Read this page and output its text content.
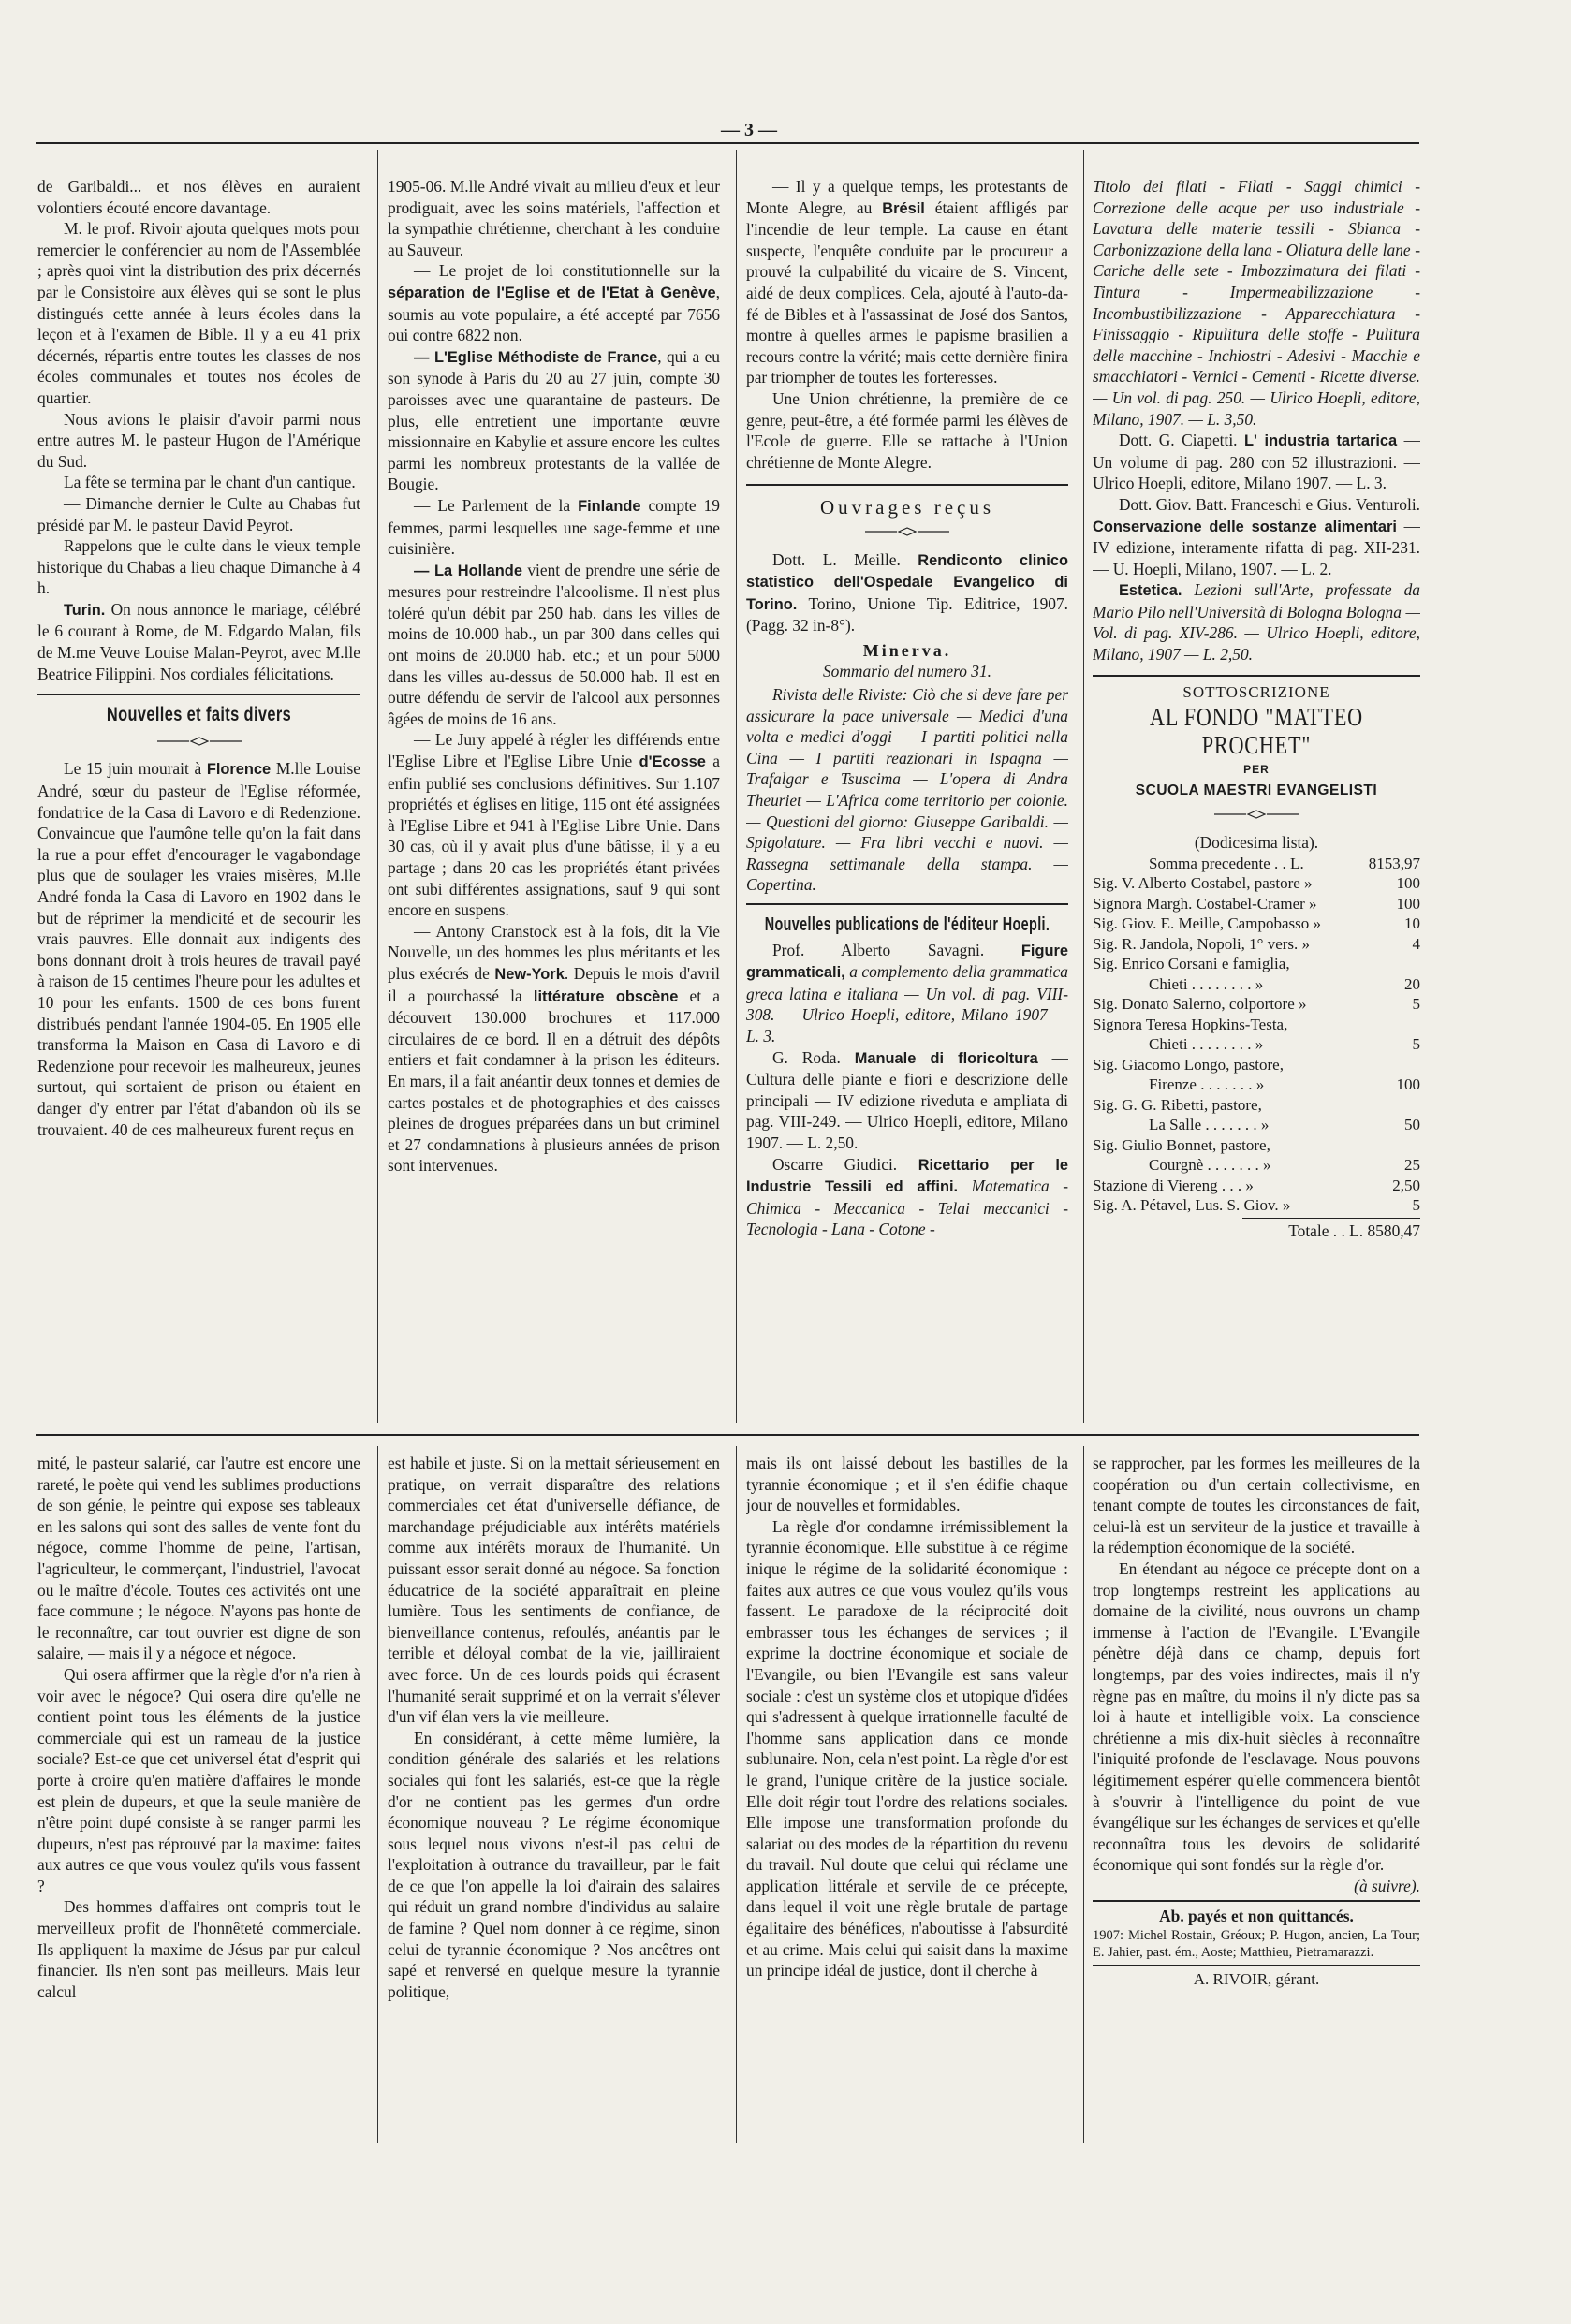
— 3 —

de Garibaldi... et nos élèves en auraient volontiers écouté encore davantage.

M. le prof. Rivoir ajouta quelques mots pour remercier le conférencier au nom de l'Assemblée ; après quoi vint la distribution des prix décernés par le Consistoire aux élèves qui se sont le plus distingués cette année à leurs écoles dans la leçon et à l'examen de Bible. Il y a eu 41 prix décernés, répartis entre toutes les classes de nos écoles communales et toutes nos écoles de quartier.

Nous avions le plaisir d'avoir parmi nous entre autres M. le pasteur Hugon de l'Amérique du Sud.

La fête se termina par le chant d'un cantique.

— Dimanche dernier le Culte au Chabas fut présidé par M. le pasteur David Peyrot.

Rappelons que le culte dans le vieux temple historique du Chabas a lieu chaque Dimanche à 4 h.

Turin. On nous annonce le mariage, célébré le 6 courant à Rome, de M. Edgardo Malan, fils de M.me Veuve Louise Malan-Peyrot, avec M.lle Beatrice Filippini. Nos cordiales félicitations.

Nouvelles et faits divers

Le 15 juin mourait à Florence M.lle Louise André, sœur du pasteur de l'Eglise réformée, fondatrice de la Casa di Lavoro e di Redenzione. Convaincue que l'aumône telle qu'on la fait dans la rue a pour effet d'encourager le vagabondage plus que de soulager les vraies misères, M.lle André fonda la Casa di Lavoro en 1902 dans le but de réprimer la mendicité et de secourir les vrais pauvres. Elle donnait aux indigents des bons donnant droit à trois heures de travail payé à raison de 15 centimes l'heure pour les adultes et 10 pour les enfants. 1500 de ces bons furent distribués pendant l'année 1904-05. En 1905 elle transforma la Maison en Casa di Lavoro e di Redenzione pour recevoir les malheureux, jeunes surtout, qui sortaient de prison ou étaient en danger d'y entrer par l'état d'abandon où ils se trouvaient. 40 de ces malheureux furent reçus en

1905-06. M.lle André vivait au milieu d'eux et leur prodiguait, avec les soins matériels, l'affection et la sympathie chrétienne, cherchant à les conduire au Sauveur.

— Le projet de loi constitutionnelle sur la séparation de l'Eglise et de l'Etat à Genève, soumis au vote populaire, a été accepté par 7656 oui contre 6822 non.

— L'Eglise Méthodiste de France, qui a eu son synode à Paris du 20 au 27 juin, compte 30 paroisses avec une quarantaine de pasteurs. De plus, elle entretient une importante œuvre missionnaire en Kabylie et assure encore les cultes parmi les nombreux protestants de la vallée de Bougie.

— Le Parlement de la Finlande compte 19 femmes, parmi lesquelles une sage-femme et une cuisinière.

— La Hollande vient de prendre une série de mesures pour restreindre l'alcoolisme. Il n'est plus toléré qu'un débit par 250 hab. dans les villes de moins de 10.000 hab., un par 300 dans celles qui ont moins de 20.000 hab. etc.; et un pour 5000 dans les villes au-dessus de 50.000 hab. Il est en outre défendu de servir de l'alcool aux personnes âgées de moins de 16 ans.

— Le Jury appelé à régler les différends entre l'Eglise Libre et l'Eglise Libre Unie d'Ecosse a enfin publié ses conclusions définitives. Sur 1.107 propriétés et églises en litige, 115 ont été assignées à l'Eglise Libre et 941 à l'Eglise Libre Unie. Dans 30 cas, où il y avait plus d'une bâtisse, il y a eu partage ; dans 20 cas les propriétés étant privées ont subi différentes assignations, sauf 9 qui sont encore en suspens.

— Antony Cranstock est à la fois, dit la Vie Nouvelle, un des hommes les plus méritants et les plus exécrés de New-York. Depuis le mois d'avril il a pourchassé la littérature obscène et a découvert 130.000 brochures et 117.000 circulaires de ce bord. Il en a détruit des dépôts entiers et fait condamner à la prison les éditeurs. En mars, il a fait anéantir deux tonnes et demies de cartes postales et de photographies et des caisses pleines de drogues préparées dans un but criminel et 27 condamnations à plusieurs années de prison sont intervenues.

— Il y a quelque temps, les protestants de Monte Alegre, au Brésil étaient affligés par l'incendie de leur temple. La cause en étant suspecte, l'enquête conduite par le procureur a prouvé la culpabilité du vicaire de S. Vincent, aidé de deux complices. Cela, ajouté à l'auto-da-fé de Bibles et à l'assassinat de José dos Santos, montre à quelles armes le papisme brasilien a recours contre la vérité; mais cette dernière finira par triompher de toutes les forteresses.

Une Union chrétienne, la première de ce genre, peut-être, a été formée parmi les élèves de l'Ecole de guerre. Elle se rattache à l'Union chrétienne de Monte Alegre.

Ouvrages reçus

Dott. L. Meille. Rendiconto clinico statistico dell'Ospedale Evangelico di Torino. Torino, Unione Tip. Editrice, 1907. (Pagg. 32 in-8°).

Minerva.
Sommario del numero 31.

Rivista delle Riviste: Ciò che si deve fare per assicurare la pace universale — Medici d'una volta e medici d'oggi — I partiti politici nella Cina — I partiti reazionari in Ispagna — Trafalgar e Tsuscima — L'opera di Andra Theuriet — L'Africa come territorio per colonie. — Questioni del giorno: Giuseppe Garibaldi. — Spigolature. — Fra libri vecchi e nuovi. — Rassegna settimanale della stampa. — Copertina.

Nouvelles publications de l'éditeur Hoepli.

Prof. Alberto Savagni. Figure grammaticali, a complemento della grammatica greca latina e italiana — Un vol. di pag. VIII-308. — Ulrico Hoepli, editore, Milano 1907 — L. 3.

G. Roda. Manuale di floricoltura — Cultura delle piante e fiori e descrizione delle principali — IV edizione riveduta e ampliata di pag. VIII-249. — Ulrico Hoepli, editore, Milano 1907. — L. 2,50.

Oscarre Giudici. Ricettario per le Industrie Tessili ed affini. Matematica - Chimica - Meccanica - Telai meccanici - Tecnologia - Lana - Cotone -

Titolo dei filati - Filati - Saggi chimici - Correzione delle acque per uso industriale - Lavatura delle materie tessili - Sbianca - Carbonizzazione della lana - Oliatura delle lane - Cariche delle sete - Imbozzimatura dei filati - Tintura - Impermeabilizzazione - Incombustibilizzazione - Apparecchiatura - Finissaggio - Ripulitura delle stoffe - Pulitura delle macchine - Inchiostri - Adesivi - Macchie e smacchiatori - Vernici - Cementi - Ricette diverse. — Un vol. di pag. 250. — Ulrico Hoepli, editore, Milano, 1907. — L. 3,50.

Dott. G. Ciapetti. L' industria tartarica — Un volume di pag. 280 con 52 illustrazioni. — Ulrico Hoepli, editore, Milano 1907. — L. 3.

Dott. Giov. Batt. Franceschi e Gius. Venturoli. Conservazione delle sostanze alimentari — IV edizione, interamente rifatta di pag. XII-231. — U. Hoepli, Milano, 1907. — L. 2.

Estetica. Lezioni sull'Arte, professate da Mario Pilo nell'Università di Bologna Bologna — Vol. di pag. XIV-286. — Ulrico Hoepli, editore, Milano, 1907 — L. 2,50.

SOTTOSCRIZIONE
AL FONDO "MATTEO PROCHET"
PER
SCUOLA MAESTRI EVANGELISTI
(Dodicesima lista).
Somma precedente . . L.	8153,97
Sig. V. Alberto Costabel, pastore »	100
Signora Margh. Costabel-Cramer »	100
Sig. Giov. E. Meille, Campobasso »	10
Sig. R. Jandola, Nopoli, 1° vers. »	4
Sig. Enrico Corsani e famiglia,	
Chieti . . . . . . . . »	20
Sig. Donato Salerno, colportore »	5
Signora Teresa Hopkins-Testa,	
Chieti . . . . . . . . »	5
Sig. Giacomo Longo, pastore,	
Firenze . . . . . . . »	100
Sig. G. G. Ribetti, pastore,	
La Salle . . . . . . . »	50
Sig. Giulio Bonnet, pastore,	
Courgnè . . . . . . . »	25
Stazione di Viereng . . . »	2,50
Sig. A. Pétavel, Lus. S. Giov. »	5
Totale . . L. 8580,47

mité, le pasteur salarié, car l'autre est encore une rareté, le poète qui vend les sublimes productions de son génie, le peintre qui expose ses tableaux en les salons qui sont des salles de vente font du négoce, comme l'homme de peine, l'artisan, l'agriculteur, le commerçant, l'industriel, l'avocat ou le maître d'école. Toutes ces activités ont une face commune ; le négoce. N'ayons pas honte de le reconnaître, car tout ouvrier est digne de son salaire, — mais il y a négoce et négoce.

Qui osera affirmer que la règle d'or n'a rien à voir avec le négoce? Qui osera dire qu'elle ne contient point tous les éléments de la justice commerciale qui est un rameau de la justice sociale? Est-ce que cet universel état d'esprit qui porte à croire qu'en matière d'affaires le monde est plein de dupeurs, et que la seule manière de n'être point dupé consiste à se ranger parmi les dupeurs, n'est pas réprouvé par la maxime: faites aux autres ce que vous voulez qu'ils vous fassent ?

Des hommes d'affaires ont compris tout le merveilleux profit de l'honnêteté commerciale. Ils appliquent la maxime de Jésus par pur calcul financier. Ils n'en sont pas meilleurs. Mais leur calcul

est habile et juste. Si on la mettait sérieusement en pratique, on verrait disparaître des relations commerciales cet état d'universelle défiance, de marchandage préjudiciable aux intérêts matériels comme aux intérêts moraux de l'humanité. Un puissant essor serait donné au négoce. Sa fonction éducatrice de la société apparaîtrait en pleine lumière. Tous les sentiments de confiance, de bienveillance contenus, refoulés, anéantis par le terrible et déloyal combat de la vie, jailliraient avec force. Un de ces lourds poids qui écrasent l'humanité serait supprimé et on la verrait s'élever d'un vif élan vers la vie meilleure.

En considérant, à cette même lumière, la condition générale des salariés et les relations sociales qui font les salariés, est-ce que la règle d'or ne contient pas les germes d'un ordre économique nouveau ? Le régime économique sous lequel nous vivons n'est-il pas celui de l'exploitation à outrance du travailleur, par le fait de ce que l'on appelle la loi d'airain des salaires qui réduit un grand nombre d'individus au salaire de famine ? Quel nom donner à ce régime, sinon celui de tyrannie économique ? Nos ancêtres ont sapé et renversé en quelque mesure la tyrannie politique,

mais ils ont laissé debout les bastilles de la tyrannie économique ; et il s'en édifie chaque jour de nouvelles et formidables.

La règle d'or condamne irrémissiblement la tyrannie économique. Elle substitue à ce régime inique le régime de la solidarité économique : faites aux autres ce que vous voulez qu'ils vous fassent. Le paradoxe de la réciprocité doit embrasser tous les échanges de services ; il exprime la doctrine économique et sociale de l'Evangile, ou bien l'Evangile est sans valeur sociale : c'est un système clos et utopique d'idées qui s'adressent à quelque irrationnelle faculté de l'homme sans application dans ce monde sublunaire. Non, cela n'est point. La règle d'or est le grand, l'unique critère de la justice sociale. Elle doit régir tout l'ordre des relations sociales. Elle impose une transformation profonde du salariat ou des modes de la répartition du revenu du travail. Nul doute que celui qui réclame une application littérale et servile de ce précepte, dans lequel il voit une règle brutale de partage égalitaire des bénéfices, n'aboutisse à l'absurdité et au crime. Mais celui qui saisit dans la maxime un principe idéal de justice, dont il cherche à

se rapprocher, par les formes les meilleures de la coopération ou d'un certain collectivisme, en tenant compte de toutes les circonstances de fait, celui-là est un serviteur de la justice et travaille à la rédemption économique de la société.

En étendant au négoce ce précepte dont on a trop longtemps restreint les applications au domaine de la civilité, nous ouvrons un champ immense à l'action de l'Evangile. L'Evangile pénètre déjà dans ce champ, depuis fort longtemps, par des voies indirectes, mais il n'y règne pas en maître, du moins il n'y dicte pas sa loi à haute et intelligible voix. La conscience chrétienne a mis dix-huit siècles à reconnaître l'iniquité profonde de l'esclavage. Nous pouvons légitimement espérer qu'elle commencera bientôt à s'ouvrir à l'intelligence du point de vue évangélique sur les échanges de services et qu'elle reconnaîtra tous les devoirs de solidarité économique qui sont fondés sur la règle d'or.

(à suivre).
Ab. payés et non quittancés.

1907: Michel Rostain, Gréoux; P. Hugon, ancien, La Tour; E. Jahier, past. ém., Aoste; Matthieu, Pietramarazzi.

A. RIVOIR, gérant.
